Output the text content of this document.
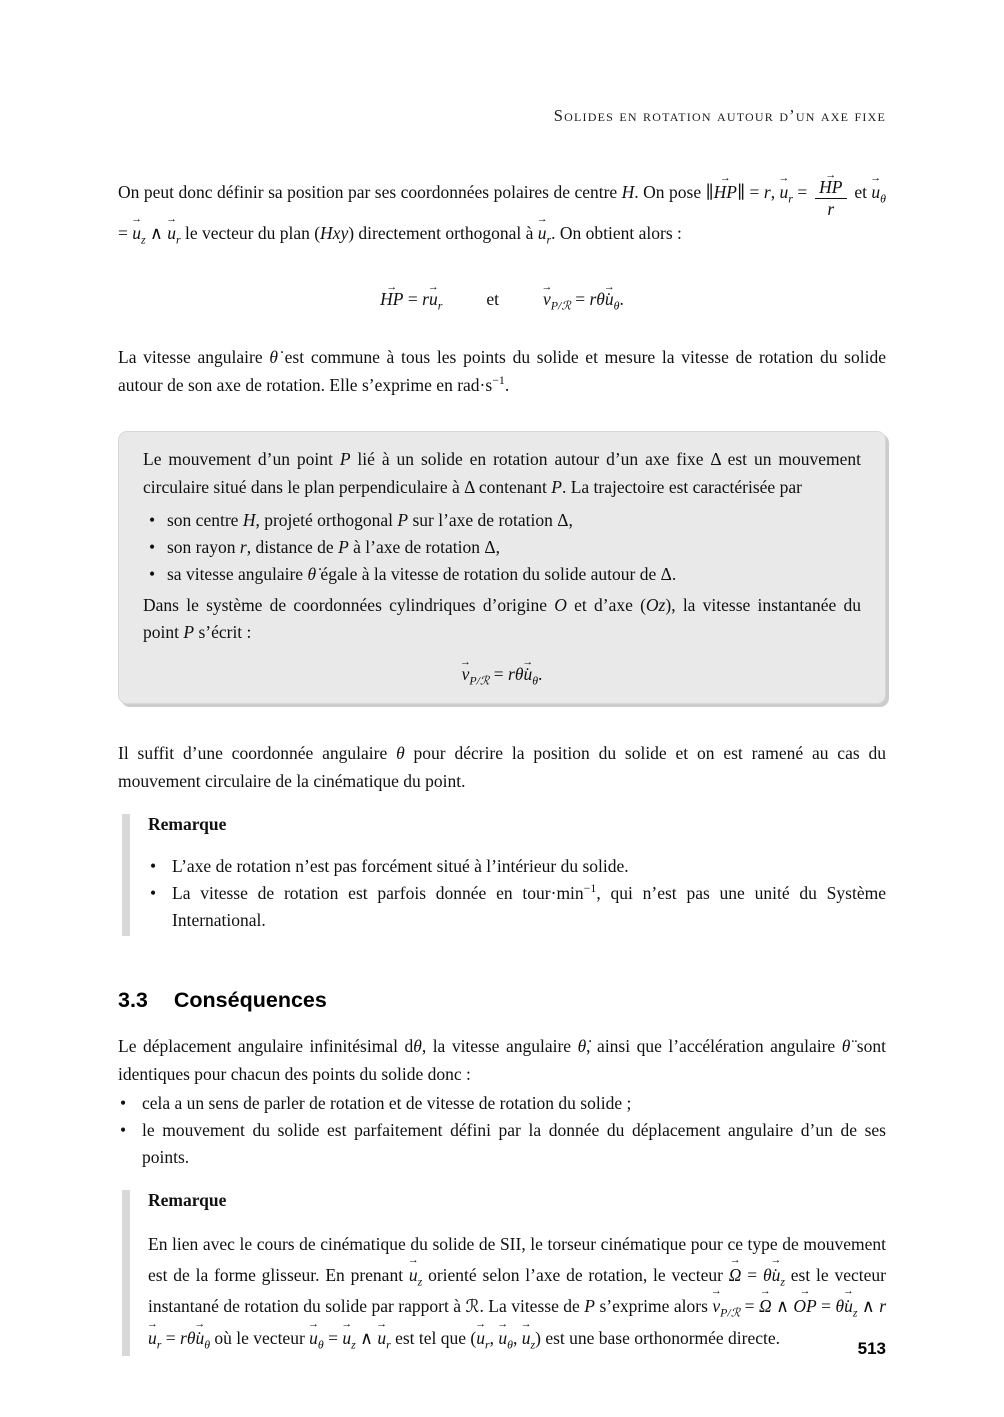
Solides en rotation autour d’un axe fixe

On peut donc définir sa position par ses coordonnées polaires de centre H. On pose ∥HP →∥ = r, $u \to_r = \frac{HP \to}{r}$ et $u \to_\theta = u \to_z$ ∧ $u \to_r$ le vecteur du plan (Hxy) directement orthogonal à $u \to_r$. On obtient alors :

HP → = ru $\to_r$	et	$v \to_{P/ℛ}$ = rθ̇u $\to_\theta$.

La vitesse angulaire θ̇ est commune à tous les points du solide et mesure la vitesse de rotation du solide autour de son axe de rotation. Elle s’exprime en $rad\cdot s^{-1}$.

Le mouvement d’un point P lié à un solide en rotation autour d’un axe fixe Δ est un mouvement circulaire situé dans le plan perpendiculaire à Δ contenant P. La trajectoire est caractérisée par

• son centre H, projeté orthogonal P sur l’axe de rotation Δ,
• son rayon r, distance de P à l’axe de rotation Δ,
• sa vitesse angulaire θ̇ égale à la vitesse de rotation du solide autour de Δ.

Dans le système de coordonnées cylindriques d’origine O et d’axe (Oz), la vitesse instantanée du point P s’écrit :

$v \to_{P/ℛ}$ = rθ̇u $\to_\theta$.

Il suffit d’une coordonnée angulaire θ pour décrire la position du solide et on est ramené au cas du mouvement circulaire de la cinématique du point.

Remarque

• L’axe de rotation n’est pas forcément situé à l’intérieur du solide.
• La vitesse de rotation est parfois donnée en $tour\cdot\min^{-1}$, qui n’est pas une unité du Système International.
3.3 Conséquences

Le déplacement angulaire infinitésimal dθ, la vitesse angulaire θ̇, ainsi que l’accélération angulaire θ̈ sont identiques pour chacun des points du solide donc :

• cela a un sens de parler de rotation et de vitesse de rotation du solide ;
• le mouvement du solide est parfaitement défini par la donnée du déplacement angulaire d’un de ses points.

Remarque

En lien avec le cours de cinématique du solide de SII, le torseur cinématique pour ce type de mouvement est de la forme glisseur. En prenant $u \to_z$ orienté selon l’axe de rotation, le vecteur Ω → = θ̇u $\to_z$ est le vecteur instantané de rotation du solide par rapport à ℛ. La vitesse de P s’exprime alors $v \to_{P/ℛ} = \Omega$ → ∧ OP → = θ̇u $\to_z$ ∧ ru $\to_r$ = rθ̇u $\to_\theta$ où le vecteur $u \to_\theta = u \to_z$ ∧ $u \to_r$ est tel que ($u \to_r$, $u \to_\theta$, $u \to_z$) est une base orthonormée directe.

513
